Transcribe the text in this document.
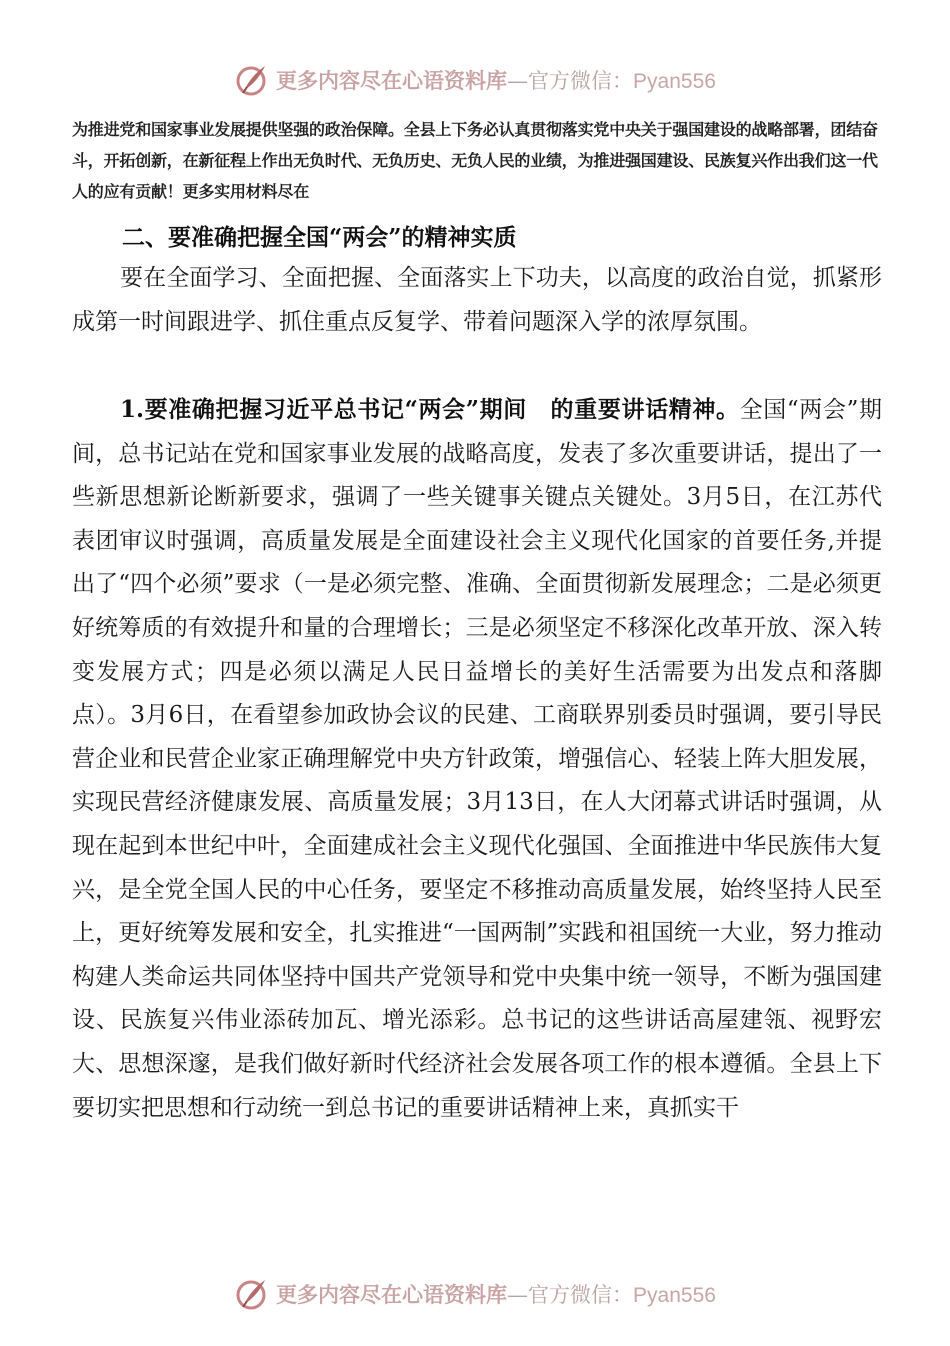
更多内容尽在心语资料库—官方微信：Pyan556

为推进党和国家事业发展提供坚强的政治保障。全县上下务必认真贯彻落实党中央关于强国建设的战略部署，团结奋斗，开拓创新，在新征程上作出无负时代、无负历史、无负人民的业绩，为推进强国建设、民族复兴作出我们这一代人的应有贡献！更多实用材料尽在

二、要准确把握全国“两会”的精神实质

要在全面学习、全面把握、全面落实上下功夫，以高度的政治自觉，抓紧形成第一时间跟进学、抓住重点反复学、带着问题深入学的浓厚氛围。

1.要准确把握习近平总书记“两会”期间　的重要讲话精神。全国“两会”期间，总书记站在党和国家事业发展的战略高度，发表了多次重要讲话，提出了一些新思想新论断新要求，强调了一些关键事关键点关键处。3月5日，在江苏代表团审议时强调，高质量发展是全面建设社会主义现代化国家的首要任务,并提出了“四个必须”要求（一是必须完整、准确、全面贯彻新发展理念；二是必须更好统筹质的有效提升和量的合理增长；三是必须坚定不移深化改革开放、深入转变发展方式；四是必须以满足人民日益增长的美好生活需要为出发点和落脚点）。3月6日，在看望参加政协会议的民建、工商联界别委员时强调，要引导民营企业和民营企业家正确理解党中央方针政策，增强信心、轻装上阵大胆发展，实现民营经济健康发展、高质量发展；3月13日，在人大闭幕式讲话时强调，从现在起到本世纪中叶，全面建成社会主义现代化强国、全面推进中华民族伟大复兴，是全党全国人民的中心任务，要坚定不移推动高质量发展，始终坚持人民至上，更好统筹发展和安全，扎实推进“一国两制”实践和祖国统一大业，努力推动构建人类命运共同体坚持中国共产党领导和党中央集中统一领导，不断为强国建设、民族复兴伟业添砖加瓦、增光添彩。总书记的这些讲话高屋建瓴、视野宏大、思想深邃，是我们做好新时代经济社会发展各项工作的根本遵循。全县上下要切实把思想和行动统一到总书记的重要讲话精神上来，真抓实干

更多内容尽在心语资料库—官方微信：Pyan556
